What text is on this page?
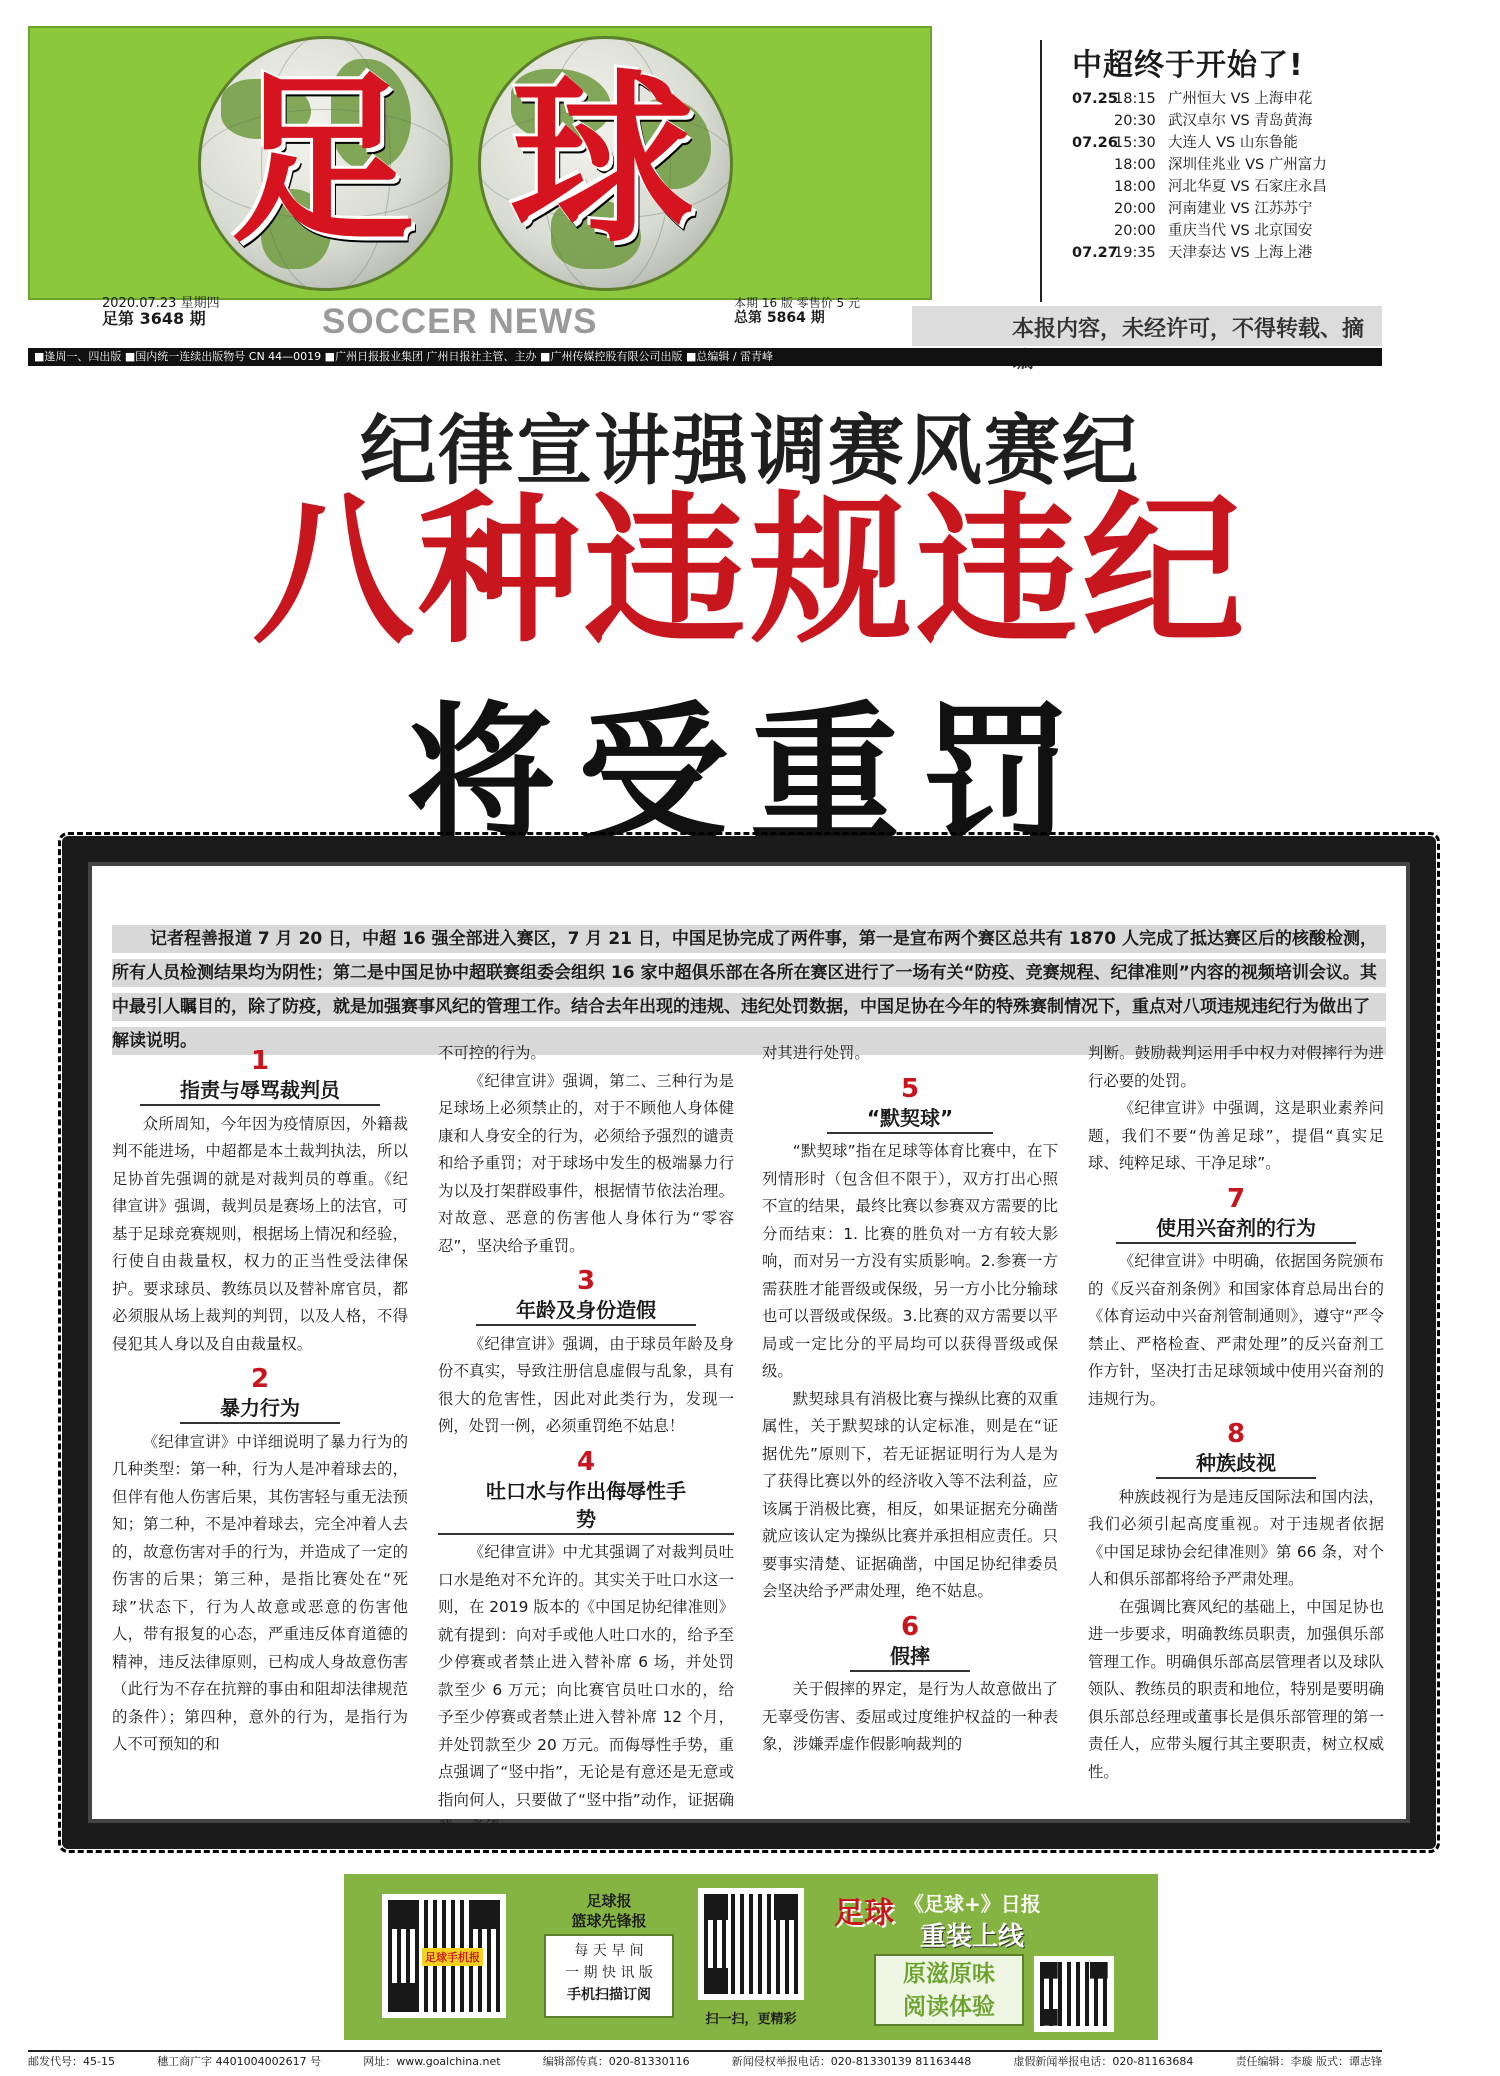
足 球
2020.07.23 星期四
足第 3648 期	SOCCER NEWS	本期 16 版 零售价 5 元
总第 5864 期	本报内容，未经许可，不得转载、摘
■逢周一、四出版 ■国内统一连续出版物号 CN 44—0019 ■广州日报报业集团 广州日报社主管、主办 ■广州传媒控股有限公司出版 ■总编辑 / 雷青峰
中超终于开始了!
07.25
18:15 广州恒大 VS 上海申花
20:30 武汉卓尔 VS 青岛黄海
07.26
15:30 大连人 VS 山东鲁能
18:00 深圳佳兆业 VS 广州富力
18:00 河北华夏 VS 石家庄永昌
20:00 河南建业 VS 江苏苏宁
20:00 重庆当代 VS 北京国安
07.27
19:35 天津泰达 VS 上海上港
纪律宣讲强调赛风赛纪
八种违规违纪
将受重罚
记者程善报道 7 月 20 日，中超 16 强全部进入赛区，7 月 21 日，中国足协完成了两件事，第一是宣布两个赛区总共有 1870 人完成了抵达赛区后的核酸检测，所有人员检测结果均为阴性；第二是中国足协中超联赛组委会组织 16 家中超俱乐部在各所在赛区进行了一场有关“防疫、竞赛规程、纪律准则”内容的视频培训会议。其中最引人瞩目的，除了防疫，就是加强赛事风纪的管理工作。结合去年出现的违规、违纪处罚数据，中国足协在今年的特殊赛制情况下，重点对八项违规违纪行为做出了解读说明。
1
指责与辱骂裁判员

众所周知，今年因为疫情原因，外籍裁判不能进场，中超都是本土裁判执法，所以足协首先强调的就是对裁判员的尊重。《纪律宣讲》强调，裁判员是赛场上的法官，可基于足球竞赛规则，根据场上情况和经验，行使自由裁量权，权力的正当性受法律保护。要求球员、教练员以及替补席官员，都必须服从场上裁判的判罚，以及人格，不得侵犯其人身以及自由裁量权。

2
暴力行为

《纪律宣讲》中详细说明了暴力行为的几种类型：第一种，行为人是冲着球去的，但伴有他人伤害后果，其伤害轻与重无法预知；第二种，不是冲着球去，完全冲着人去的，故意伤害对手的行为，并造成了一定的伤害的后果；第三种，是指比赛处在“死球”状态下，行为人故意或恶意的伤害他人，带有报复的心态，严重违反体育道德的精神，违反法律原则，已构成人身故意伤害（此行为不存在抗辩的事由和阻却法律规范的条件）；第四种，意外的行为，是指行为人不可预知的和

不可控的行为。

《纪律宣讲》强调，第二、三种行为是足球场上必须禁止的，对于不顾他人身体健康和人身安全的行为，必须给予强烈的谴责和给予重罚；对于球场中发生的极端暴力行为以及打架群殴事件，根据情节依法治理。对故意、恶意的伤害他人身体行为“零容忍”，坚决给予重罚。

3
年龄及身份造假

《纪律宣讲》强调，由于球员年龄及身份不真实，导致注册信息虚假与乱象，具有很大的危害性，因此对此类行为，发现一例，处罚一例，必须重罚绝不姑息！

4
吐口水与作出侮辱性手势

《纪律宣讲》中尤其强调了对裁判员吐口水是绝对不允许的。其实关于吐口水这一则，在 2019 版本的《中国足协纪律准则》就有提到：向对手或他人吐口水的，给予至少停赛或者禁止进入替补席 6 场，并处罚款至少 6 万元；向比赛官员吐口水的，给予至少停赛或者禁止进入替补席 12 个月，并处罚款至少 20 万元。而侮辱性手势，重点强调了“竖中指”，无论是有意还是无意或指向何人，只要做了“竖中指”动作，证据确凿，必须

对其进行处罚。

5
“默契球”

“默契球”指在足球等体育比赛中，在下列情形时（包含但不限于），双方打出心照不宣的结果，最终比赛以参赛双方需要的比分而结束：1. 比赛的胜负对一方有较大影响，而对另一方没有实质影响。2.参赛一方需获胜才能晋级或保级，另一方小比分输球也可以晋级或保级。3.比赛的双方需要以平局或一定比分的平局均可以获得晋级或保级。

默契球具有消极比赛与操纵比赛的双重属性，关于默契球的认定标准，则是在“证据优先”原则下，若无证据证明行为人是为了获得比赛以外的经济收入等不法利益，应该属于消极比赛，相反，如果证据充分确凿就应该认定为操纵比赛并承担相应责任。只要事实清楚、证据确凿，中国足协纪律委员会坚决给予严肃处理，绝不姑息。

6
假摔

关于假摔的界定，是行为人故意做出了无辜受伤害、委屈或过度维护权益的一种表象，涉嫌弄虚作假影响裁判的

判断。鼓励裁判运用手中权力对假摔行为进行必要的处罚。

《纪律宣讲》中强调，这是职业素养问题，我们不要“伪善足球”，提倡“真实足球、纯粹足球、干净足球”。

7
使用兴奋剂的行为

《纪律宣讲》中明确，依据国务院颁布的《反兴奋剂条例》和国家体育总局出台的《体育运动中兴奋剂管制通则》，遵守“严令禁止、严格检查、严肃处理”的反兴奋剂工作方针，坚决打击足球领域中使用兴奋剂的违规行为。

8
种族歧视

种族歧视行为是违反国际法和国内法，我们必须引起高度重视。对于违规者依据《中国足球协会纪律准则》第 66 条，对个人和俱乐部都将给予严肃处理。

在强调比赛风纪的基础上，中国足协也进一步要求，明确教练员职责，加强俱乐部管理工作。明确俱乐部高层管理者以及球队领队、教练员的职责和地位，特别是要明确俱乐部总经理或董事长是俱乐部管理的第一责任人，应带头履行其主要职责，树立权威性。

足球手机报
足球报
篮球先锋报
每 天 早 间
一 期 快 讯 版
手机扫描订阅
扫一扫，更精彩
足球 《足球+》日报
重装上线
原滋原味
阅读体验
邮发代号：45-15	穗工商广字 4401004002617 号	网址：www.goalchina.net	编辑部传真：020-81330116	新闻侵权举报电话：020-81330139 81163448	虚假新闻举报电话：020-81163684	责任编辑：李璇 版式：谭志锋
